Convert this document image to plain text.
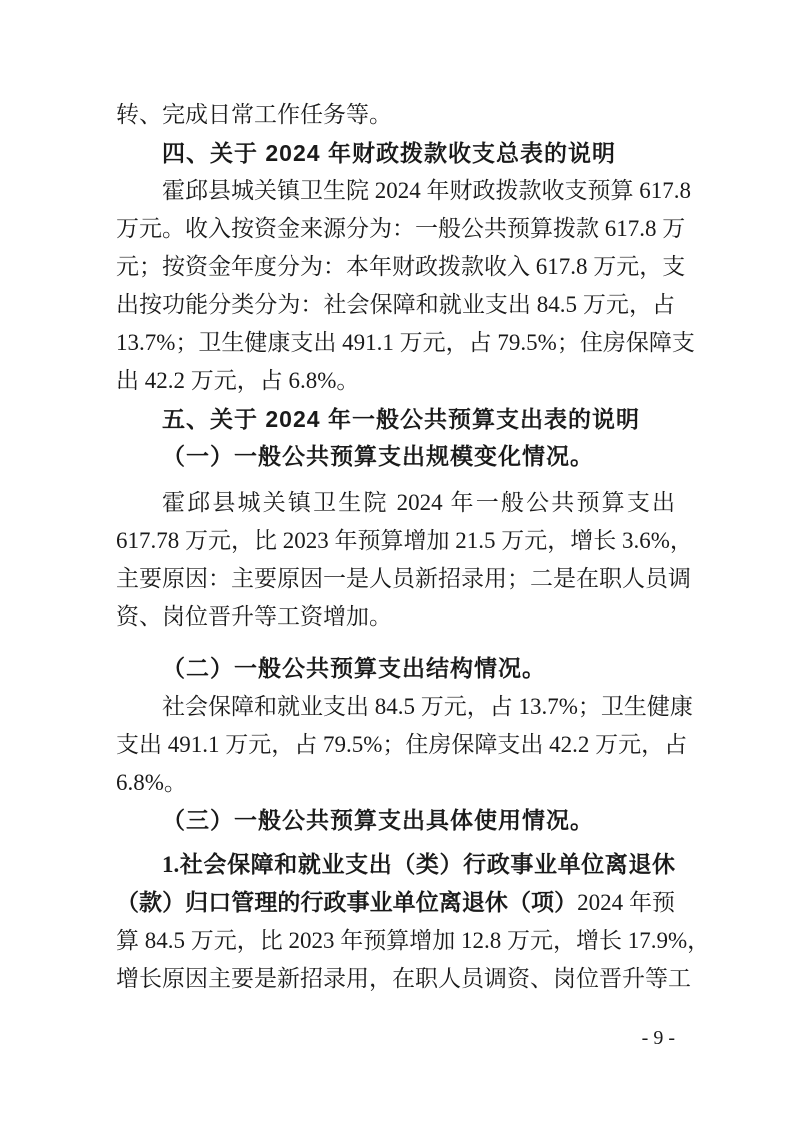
转、完成日常工作任务等。
四、关于 2024 年财政拨款收支总表的说明
霍邱县城关镇卫生院 2024 年财政拨款收支预算 617.8
万元。收入按资金来源分为：一般公共预算拨款 617.8 万
元；按资金年度分为：本年财政拨款收入 617.8 万元，支
出按功能分类分为：社会保障和就业支出 84.5 万元，占
13.7%；卫生健康支出 491.1 万元，占 79.5%；住房保障支
出 42.2 万元，占 6.8%。
五、关于 2024 年一般公共预算支出表的说明
（一）一般公共预算支出规模变化情况。
霍邱县城关镇卫生院 2024 年一般公共预算支出
617.78 万元，比 2023 年预算增加 21.5 万元，增长 3.6%，
主要原因：主要原因一是人员新招录用；二是在职人员调
资、岗位晋升等工资增加。
（二）一般公共预算支出结构情况。
社会保障和就业支出 84.5 万元，占 13.7%；卫生健康
支出 491.1 万元，占 79.5%；住房保障支出 42.2 万元，占
6.8%。
（三）一般公共预算支出具体使用情况。
1.社会保障和就业支出（类）行政事业单位离退休
（款）归口管理的行政事业单位离退休（项）2024 年预
算 84.5 万元，比 2023 年预算增加 12.8 万元，增长 17.9%，
增长原因主要是新招录用，在职人员调资、岗位晋升等工
- 9 -
